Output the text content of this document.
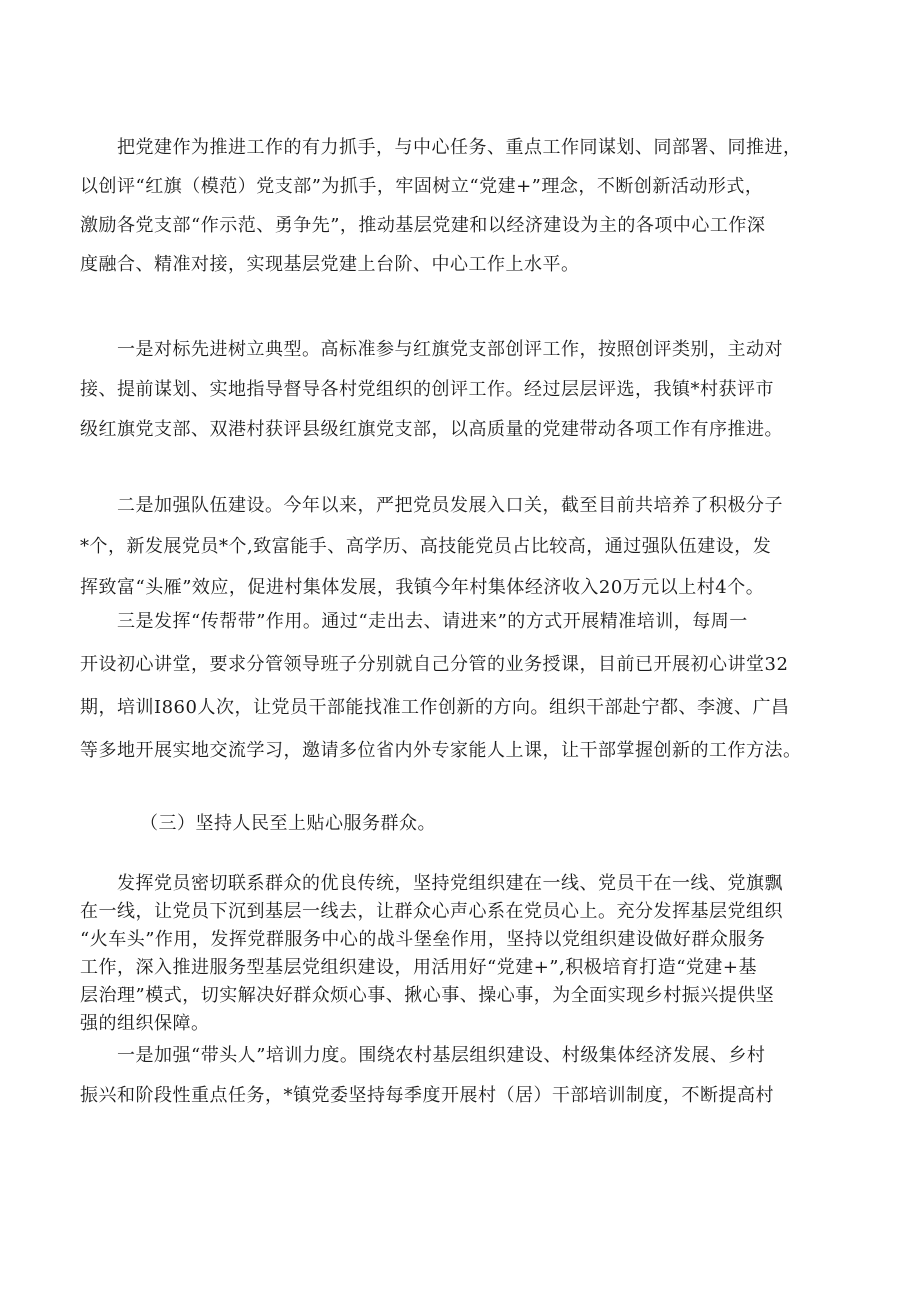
　　把党建作为推进工作的有力抓手，与中心任务、重点工作同谋划、同部署、同推进，
以创评“红旗（模范）党支部”为抓手，牢固树立“党建+”理念，不断创新活动形式，
激励各党支部“作示范、勇争先”，推动基层党建和以经济建设为主的各项中心工作深
度融合、精准对接，实现基层党建上台阶、中心工作上水平。
　　一是对标先进树立典型。高标准参与红旗党支部创评工作，按照创评类别，主动对
接、提前谋划、实地指导督导各村党组织的创评工作。经过层层评选，我镇*村获评市
级红旗党支部、双港村获评县级红旗党支部，以高质量的党建带动各项工作有序推进。
　　二是加强队伍建设。今年以来，严把党员发展入口关，截至目前共培养了积极分子
*个，新发展党员*个,致富能手、高学历、高技能党员占比较高，通过强队伍建设，发
挥致富“头雁”效应，促进村集体发展，我镇今年村集体经济收入20万元以上村4个。
　　三是发挥“传帮带”作用。通过“走出去、请进来”的方式开展精准培训，每周一
开设初心讲堂，要求分管领导班子分别就自己分管的业务授课，目前已开展初心讲堂32
期，培训I860人次，让党员干部能找准工作创新的方向。组织干部赴宁都、李渡、广昌
等多地开展实地交流学习，邀请多位省内外专家能人上课，让干部掌握创新的工作方法。
（三）坚持人民至上贴心服务群众。
　　发挥党员密切联系群众的优良传统，坚持党组织建在一线、党员干在一线、党旗飘
在一线，让党员下沉到基层一线去，让群众心声心系在党员心上。充分发挥基层党组织
“火车头”作用，发挥党群服务中心的战斗堡垒作用，坚持以党组织建设做好群众服务
工作，深入推进服务型基层党组织建设，用活用好“党建+”,积极培育打造“党建+基
层治理”模式，切实解决好群众烦心事、揪心事、操心事，为全面实现乡村振兴提供坚
强的组织保障。
　　一是加强“带头人”培训力度。围绕农村基层组织建设、村级集体经济发展、乡村
振兴和阶段性重点任务，*镇党委坚持每季度开展村（居）干部培训制度，不断提高村
